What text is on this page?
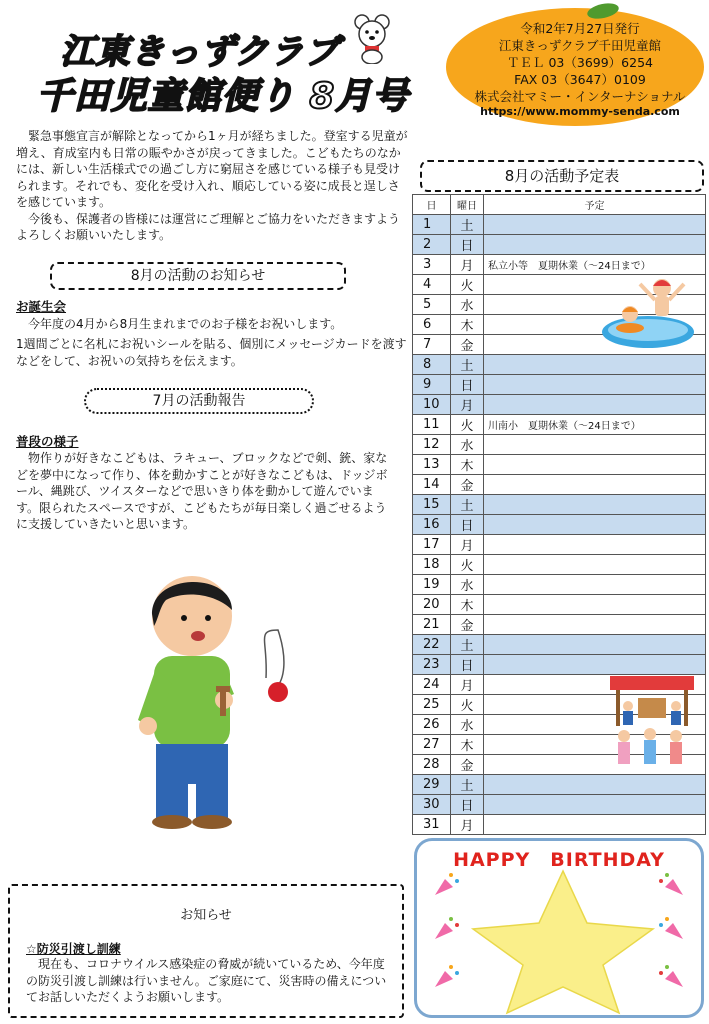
江東きっずクラブ
千田児童館便り 8月号
令和2年7月27日発行
江東きっずクラブ千田児童館
ＴＥＬ 03（3699）6254
FAX 03（3647）0109
株式会社マミー・インターナショナル
https://www.mommy-senda.com

緊急事態宣言が解除となってから1ヶ月が経ちました。登室する児童が増え、育成室内も日常の賑やかさが戻ってきました。こどもたちのなかには、新しい生活様式での過ごし方に窮屈さを感じている様子も見受けられます。それでも、変化を受け入れ、順応している姿に成長と逞しさを感じています。

今後も、保護者の皆様には運営にご理解とご協力をいただきますようよろしくお願いいたします。

8月の活動のお知らせ
お誕生会
今年度の4月から8月生まれまでのお子様をお祝いします。
1週間ごとに名札にお祝いシールを貼る、個別にメッセージカードを渡すなどをして、お祝いの気持ちを伝えます。
7月の活動報告
普段の様子
物作りが好きなこどもは、ラキュー、ブロックなどで剣、銃、家などを夢中になって作り、体を動かすことが好きなこどもは、ドッジボール、縄跳び、ツイスターなどで思いきり体を動かして遊んでいます。限られたスペースですが、こどもたちが毎日楽しく過ごせるように支援していきたいと思います。
8月の活動予定表
日	曜日	予定
1	土	
2	日	
3	月	私立小等　夏期休業（～24日まで）
4	火	
5	水	
6	木	
7	金	
8	土	
9	日	
10	月	
11	火	川南小　夏期休業（～24日まで）
12	水	
13	木	
14	金	
15	土	
16	日	
17	月	
18	火	
19	水	
20	木	
21	金	
22	土	
23	日	
24	月	
25	火	
26	水	
27	木	
28	金	
29	土	
30	日	
31	月	
お知らせ
☆防災引渡し訓練
現在も、コロナウイルス感染症の脅威が続いているため、今年度の防災引渡し訓練は行いません。ご家庭にて、災害時の備えについてお話しいただくようお願いします。
HAPPY　BIRTHDAY
